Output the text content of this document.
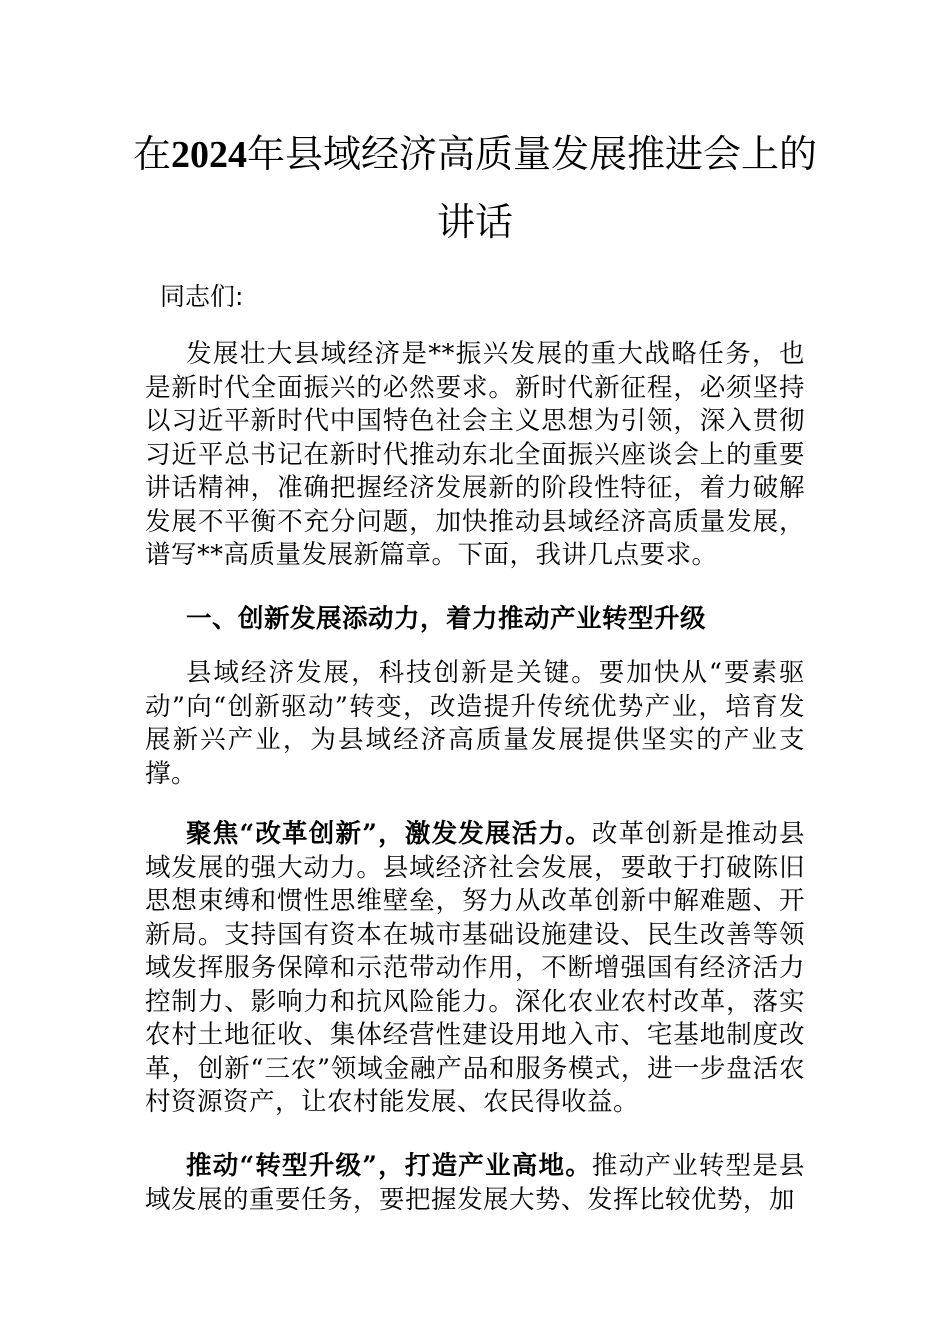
在2024年县域经济高质量发展推进会上的
讲话

同志们:

发展壮大县域经济是**振兴发展的重大战略任务，也是新时代全面振兴的必然要求。新时代新征程，必须坚持以习近平新时代中国特色社会主义思想为引领，深入贯彻习近平总书记在新时代推动东北全面振兴座谈会上的重要讲话精神，准确把握经济发展新的阶段性特征，着力破解发展不平衡不充分问题，加快推动县域经济高质量发展，谱写**高质量发展新篇章。下面，我讲几点要求。

一、创新发展添动力，着力推动产业转型升级

县域经济发展，科技创新是关键。要加快从“要素驱动”向“创新驱动”转变，改造提升传统优势产业，培育发展新兴产业，为县域经济高质量发展提供坚实的产业支撑。

聚焦“改革创新”，激发发展活力。改革创新是推动县域发展的强大动力。县域经济社会发展，要敢于打破陈旧思想束缚和惯性思维壁垒，努力从改革创新中解难题、开新局。支持国有资本在城市基础设施建设、民生改善等领域发挥服务保障和示范带动作用，不断增强国有经济活力控制力、影响力和抗风险能力。深化农业农村改革，落实农村土地征收、集体经营性建设用地入市、宅基地制度改革，创新“三农”领域金融产品和服务模式，进一步盘活农村资源资产，让农村能发展、农民得收益。

推动“转型升级”，打造产业高地。推动产业转型是县域发展的重要任务，要把握发展大势、发挥比较优势，加
